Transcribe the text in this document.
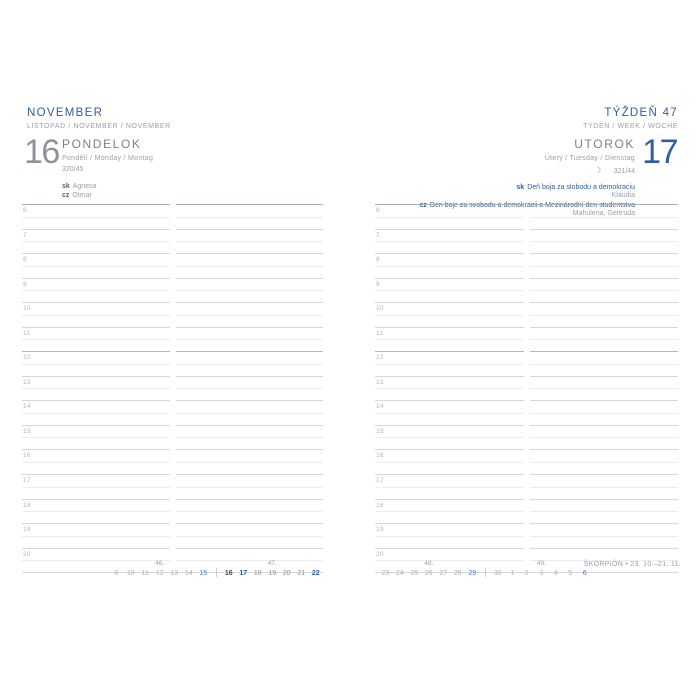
NOVEMBER
LISTOPAD / NOVEMBER / NOVEMBER
16 PONDELOK
Pondělí / Monday / Montag
320/45
sk Agnesa
cz Otmar
6
7
8
9
10
11
12
13
14
15
16
17
18
19
20
46.
9	10 11 12 13 14 15
47.
16 17 18 19 20 21 22
TÝŽDEŇ 47
TÝDEN / WEEK / WOCHE
17
UTOROK
Úterý / Tuesday / Dienstag
☽ 321/44
sk Deň boja za slobodu a demokraciu
Klaudia
cz Den boje za svobodu a demokracii a Mezinárodní den studentstva
Mahulena, Gertruda
6
7
8
9
10
11
12
13
14
15
16
17
18
19
20
48.
23 24 25 26 27 28 29
49.
30	1	2	3	4	5	6
ŠKORPIÓN • 23. 10.–21. 11.
